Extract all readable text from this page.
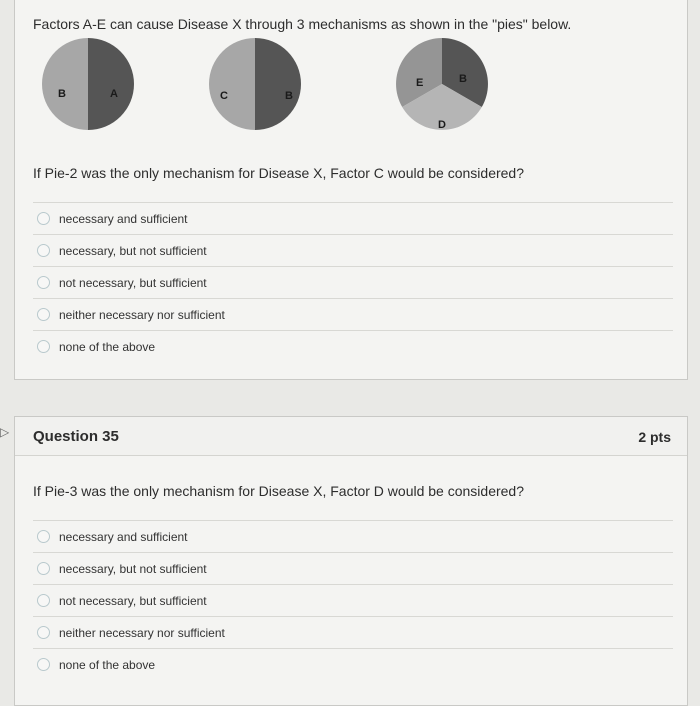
Factors A-E can cause Disease X through 3 mechanisms as shown in the "pies" below.
B	A	C	B
E	B
D
If Pie-2 was the only mechanism for Disease X, Factor C would be considered?
necessary and sufficient
necessary, but not sufficient
not necessary, but sufficient
neither necessary nor sufficient
none of the above
▷ Question 35	2 pts
If Pie-3 was the only mechanism for Disease X, Factor D would be considered?
necessary and sufficient
necessary, but not sufficient
not necessary, but sufficient
neither necessary nor sufficient
none of the above
